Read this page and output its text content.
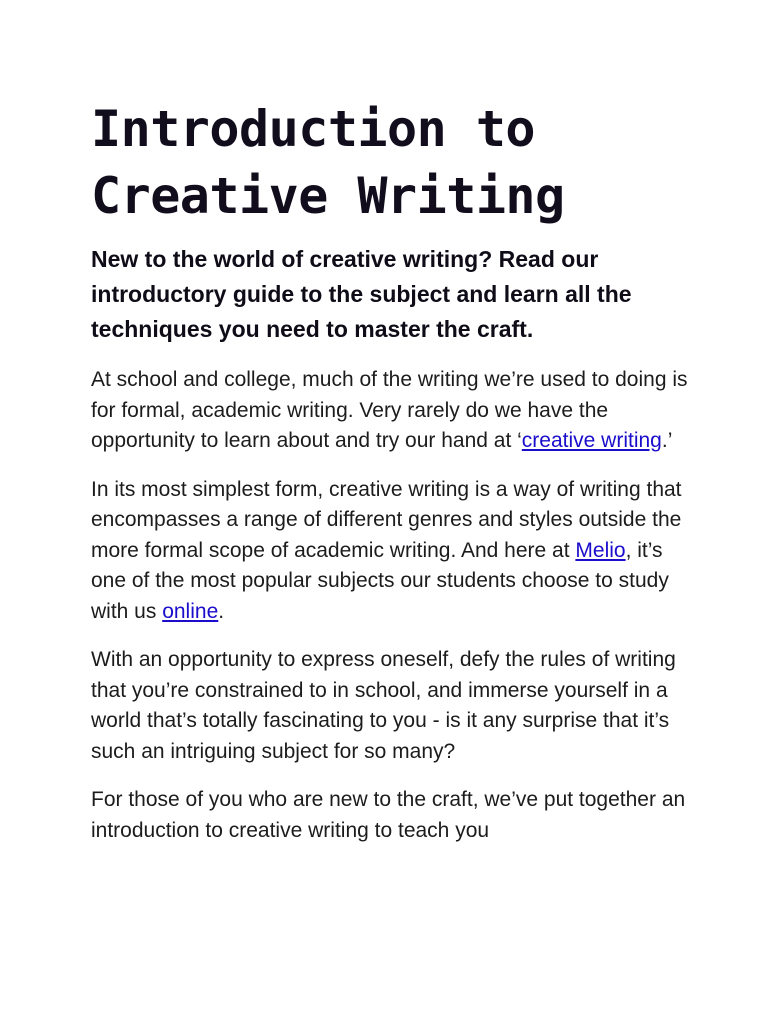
Introduction to
Creative Writing

New to the world of creative writing? Read our introductory guide to the subject and learn all the techniques you need to master the craft.

At school and college, much of the writing we’re used to doing is for formal, academic writing. Very rarely do we have the opportunity to learn about and try our hand at ‘creative writing.’

In its most simplest form, creative writing is a way of writing that encompasses a range of different genres and styles outside the more formal scope of academic writing. And here at Melio, it’s one of the most popular subjects our students choose to study with us online.

With an opportunity to express oneself, defy the rules of writing that you’re constrained to in school, and immerse yourself in a world that’s totally fascinating to you - is it any surprise that it’s such an intriguing subject for so many?

For those of you who are new to the craft, we’ve put together an introduction to creative writing to teach you
